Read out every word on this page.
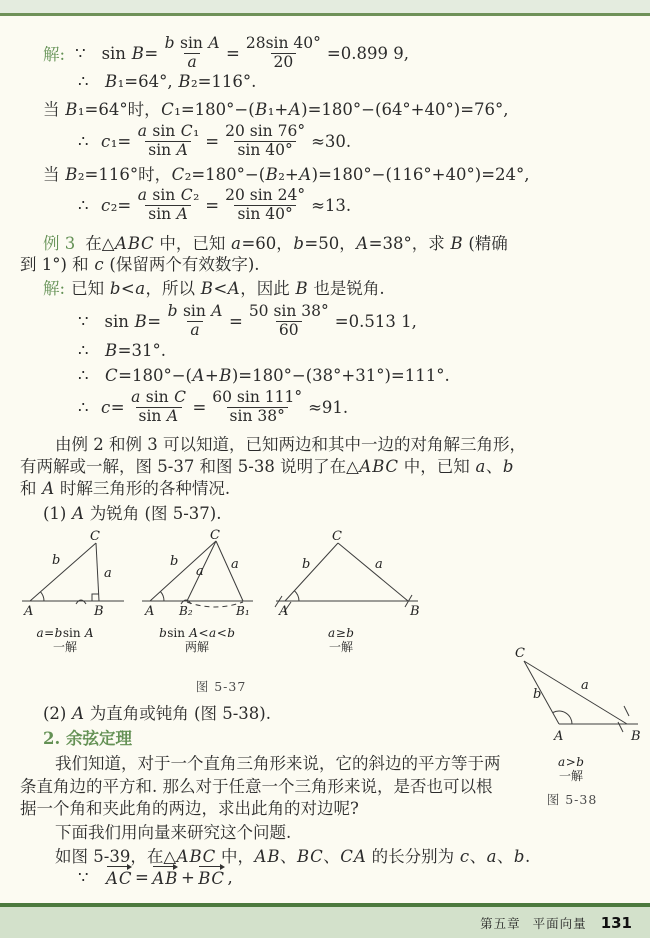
解: ∵ $\sin B= \frac{\text{b sin A}}{a} = \frac{28\sin 40^\circ}{20} =0.899$ 9,
∴ B₁=64°, B₂=116°.
当 B₁=64°时，C₁=180°−(B₁+A)=180°−(64°+40°)=76°,
∴ $c_1= \frac{\text{a sin C₁}}{\text{sin A}} = \frac{20 \sin 76^\circ}{\sin 40^\circ} \approx 30$.
当 B₂=116°时，C₂=180°−(B₂+A)=180°−(116°+40°)=24°,
∴ $c_2= \frac{\text{a sin C₂}}{\text{sin A}} = \frac{20 \sin 24^\circ}{\sin 40^\circ} \approx 13$.
例 3 在△ABC 中，已知 a=60，b=50，A=38°，求 B (精确
到 1°) 和 c (保留两个有效数字).
解: 已知 b<a，所以 B<A，因此 B 也是锐角.
∵ $\sin B= \frac{\text{b sin A}}{a} = \frac{50 \sin 38^\circ}{60} =0.513$ 1,
∴ B=31°.
∴ C=180°−(A+B)=180°−(38°+31°)=111°.
∴ $c= \frac{\text{a sin C}}{\text{sin A}} = \frac{60 \sin 111^\circ}{\sin 38^\circ} \approx 91$.
由例 2 和例 3 可以知道，已知两边和其中一边的对角解三角形，
有两解或一解，图 5-37 和图 5-38 说明了在△ABC 中，已知 a、b
和 A 时解三角形的各种情况.
(1) A 为锐角 (图 5-37).
(2) A 为直角或钝角 (图 5-38).
2. 余弦定理
我们知道，对于一个直角三角形来说，它的斜边的平方等于两
条直角边的平方和. 那么对于任意一个三角形来说，是否也可以根
据一个角和夹此角的两边，求出此角的对边呢?
下面我们用向量来研究这个问题.
如图 5-39，在△ABC 中，AB、BC、CA 的长分别为 c、a、b.
∵ AC = AB + BC ,
A	B
C
b
a
A B₂	B₁
C
b
a a
A	B
C
b	a
a=bsin A
一解
bsin A<a<b
两解
a≥b
一解
图 5-37
C
A	B
b
a
a>b
一解
图 5-38
第五章 平面向量 131
